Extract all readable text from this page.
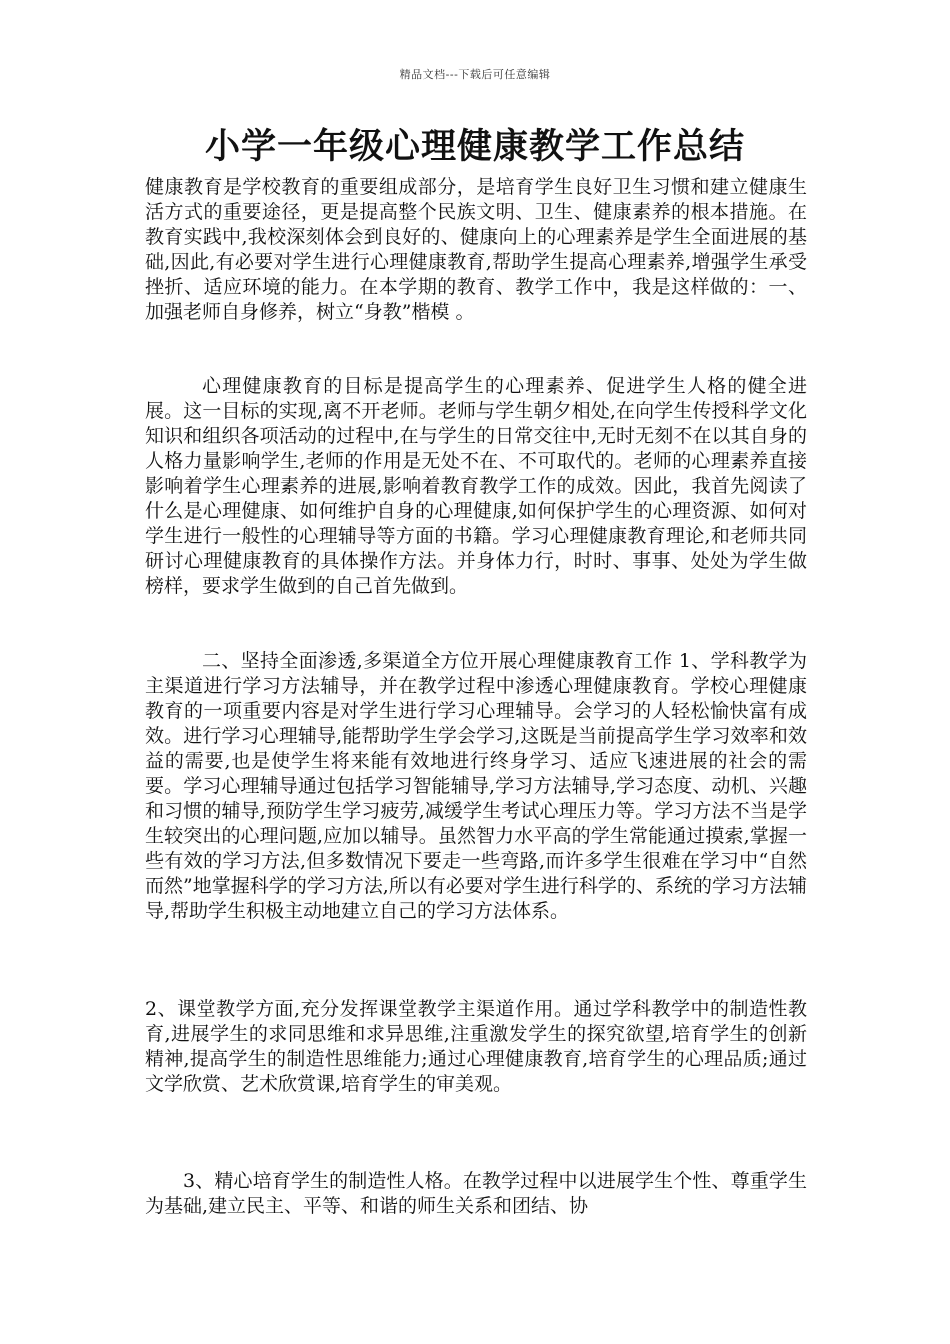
精品文档---下载后可任意编辑
小学一年级心理健康教学工作总结

健康教育是学校教育的重要组成部分，是培育学生良好卫生习惯和建立健康生活方式的重要途径，更是提高整个民族文明、卫生、健康素养的根本措施。在教育实践中,我校深刻体会到良好的、健康向上的心理素养是学生全面进展的基础,因此,有必要对学生进行心理健康教育,帮助学生提高心理素养,增强学生承受挫折、适应环境的能力。在本学期的教育、教学工作中，我是这样做的：一、加强老师自身修养，树立“身教”楷模 。

心理健康教育的目标是提高学生的心理素养、促进学生人格的健全进展。这一目标的实现,离不开老师。老师与学生朝夕相处,在向学生传授科学文化知识和组织各项活动的过程中,在与学生的日常交往中,无时无刻不在以其自身的人格力量影响学生,老师的作用是无处不在、不可取代的。老师的心理素养直接影响着学生心理素养的进展,影响着教育教学工作的成效。因此，我首先阅读了什么是心理健康、如何维护自身的心理健康,如何保护学生的心理资源、如何对学生进行一般性的心理辅导等方面的书籍。学习心理健康教育理论,和老师共同研讨心理健康教育的具体操作方法。并身体力行，时时、事事、处处为学生做榜样，要求学生做到的自己首先做到。

二、坚持全面渗透,多渠道全方位开展心理健康教育工作 1、学科教学为主渠道进行学习方法辅导，并在教学过程中渗透心理健康教育。学校心理健康教育的一项重要内容是对学生进行学习心理辅导。会学习的人轻松愉快富有成效。进行学习心理辅导,能帮助学生学会学习,这既是当前提高学生学习效率和效益的需要,也是使学生将来能有效地进行终身学习、适应飞速进展的社会的需要。学习心理辅导通过包括学习智能辅导,学习方法辅导,学习态度、动机、兴趣和习惯的辅导,预防学生学习疲劳,减缓学生考试心理压力等。学习方法不当是学生较突出的心理问题,应加以辅导。虽然智力水平高的学生常能通过摸索,掌握一些有效的学习方法,但多数情况下要走一些弯路,而许多学生很难在学习中“自然而然”地掌握科学的学习方法,所以有必要对学生进行科学的、系统的学习方法辅导,帮助学生积极主动地建立自己的学习方法体系。

2、课堂教学方面,充分发挥课堂教学主渠道作用。通过学科教学中的制造性教育,进展学生的求同思维和求异思维,注重激发学生的探究欲望,培育学生的创新精神,提高学生的制造性思维能力;通过心理健康教育,培育学生的心理品质;通过文学欣赏、艺术欣赏课,培育学生的审美观。

3、精心培育学生的制造性人格。在教学过程中以进展学生个性、尊重学生为基础,建立民主、平等、和谐的师生关系和团结、协
